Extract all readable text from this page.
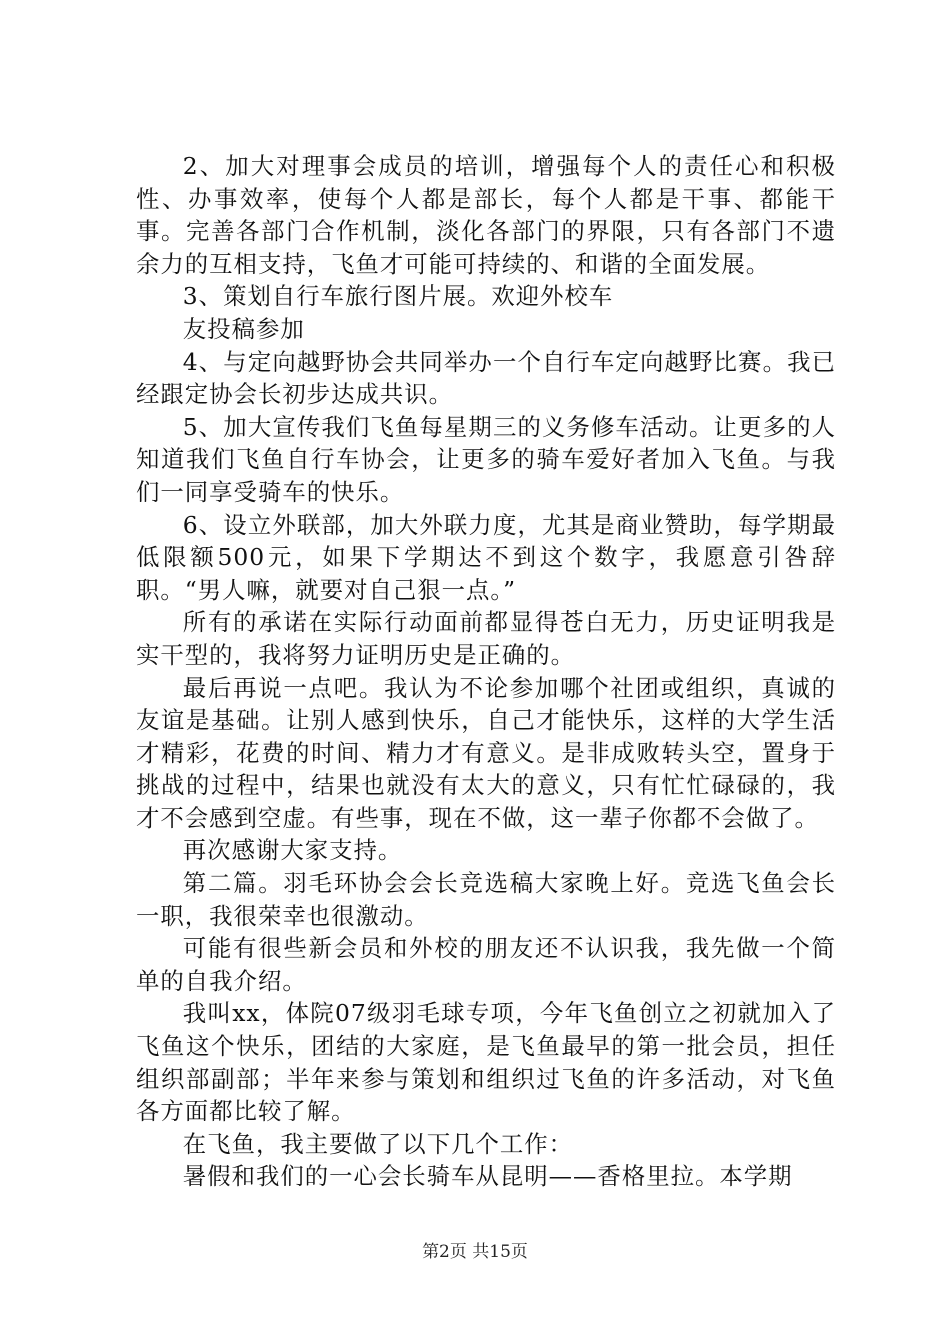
2、加大对理事会成员的培训，增强每个人的责任心和积极性、办事效率，使每个人都是部长，每个人都是干事、都能干事。完善各部门合作机制，淡化各部门的界限，只有各部门不遗余力的互相支持，飞鱼才可能可持续的、和谐的全面发展。

3、策划自行车旅行图片展。欢迎外校车

友投稿参加

4、与定向越野协会共同举办一个自行车定向越野比赛。我已经跟定协会长初步达成共识。

5、加大宣传我们飞鱼每星期三的义务修车活动。让更多的人知道我们飞鱼自行车协会，让更多的骑车爱好者加入飞鱼。与我们一同享受骑车的快乐。

6、设立外联部，加大外联力度，尤其是商业赞助，每学期最低限额500元，如果下学期达不到这个数字，我愿意引咎辞职。“男人嘛，就要对自己狠一点。”

所有的承诺在实际行动面前都显得苍白无力，历史证明我是实干型的，我将努力证明历史是正确的。

最后再说一点吧。我认为不论参加哪个社团或组织，真诚的友谊是基础。让别人感到快乐，自己才能快乐，这样的大学生活才精彩，花费的时间、精力才有意义。是非成败转头空，置身于挑战的过程中，结果也就没有太大的意义，只有忙忙碌碌的，我才不会感到空虚。有些事，现在不做，这一辈子你都不会做了。

再次感谢大家支持。

第二篇。羽毛环协会会长竞选稿大家晚上好。竞选飞鱼会长一职，我很荣幸也很激动。

可能有很些新会员和外校的朋友还不认识我，我先做一个简单的自我介绍。

我叫xx，体院07级羽毛球专项，今年飞鱼创立之初就加入了飞鱼这个快乐，团结的大家庭，是飞鱼最早的第一批会员，担任组织部副部；半年来参与策划和组织过飞鱼的许多活动，对飞鱼各方面都比较了解。

在飞鱼，我主要做了以下几个工作：

暑假和我们的一心会长骑车从昆明——香格里拉。本学期

第2页 共15页
